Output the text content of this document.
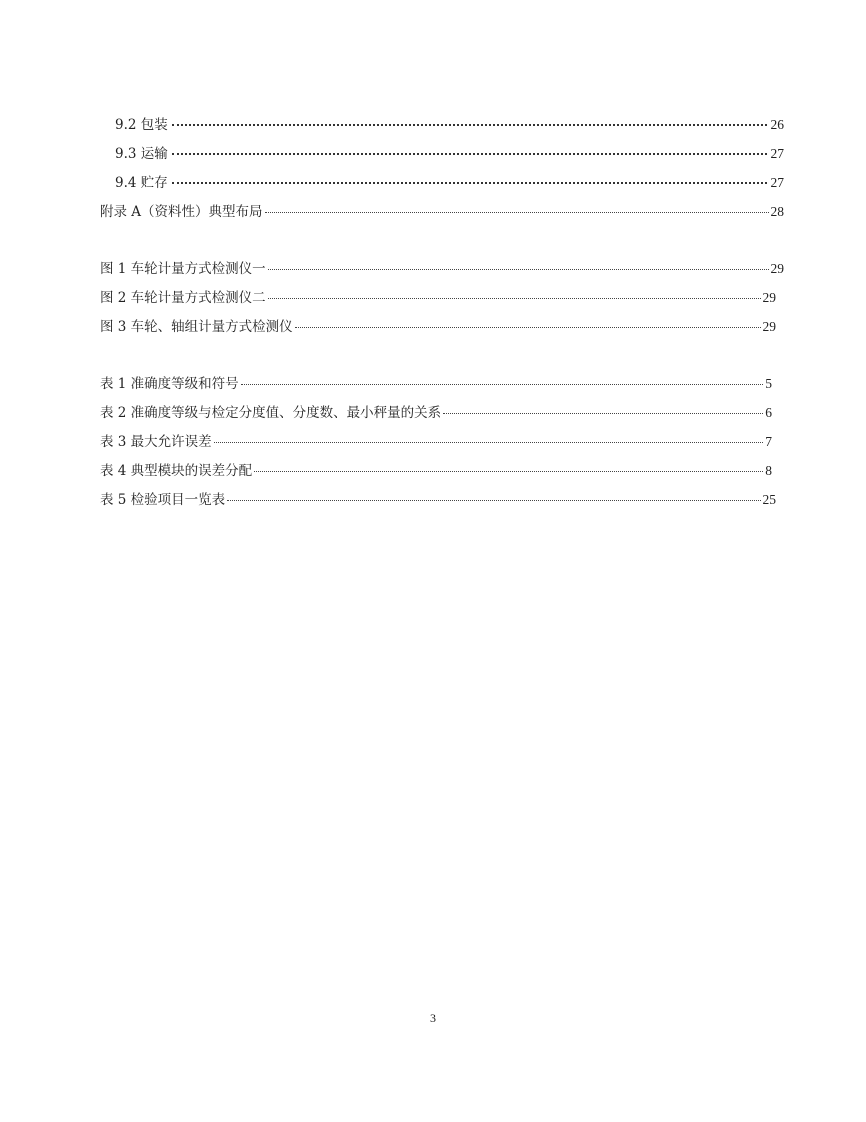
9.2 包装	26
9.3 运输	27
9.4 贮存	27
附录 A（资料性）典型布局	28
图 1 车轮计量方式检测仪一	29
图 2 车轮计量方式检测仪二	29
图 3 车轮、轴组计量方式检测仪	29
表 1 准确度等级和符号	5
表 2 准确度等级与检定分度值、分度数、最小秤量的关系	6
表 3 最大允许误差	7
表 4 典型模块的误差分配	8
表 5 检验项目一览表	25
3
